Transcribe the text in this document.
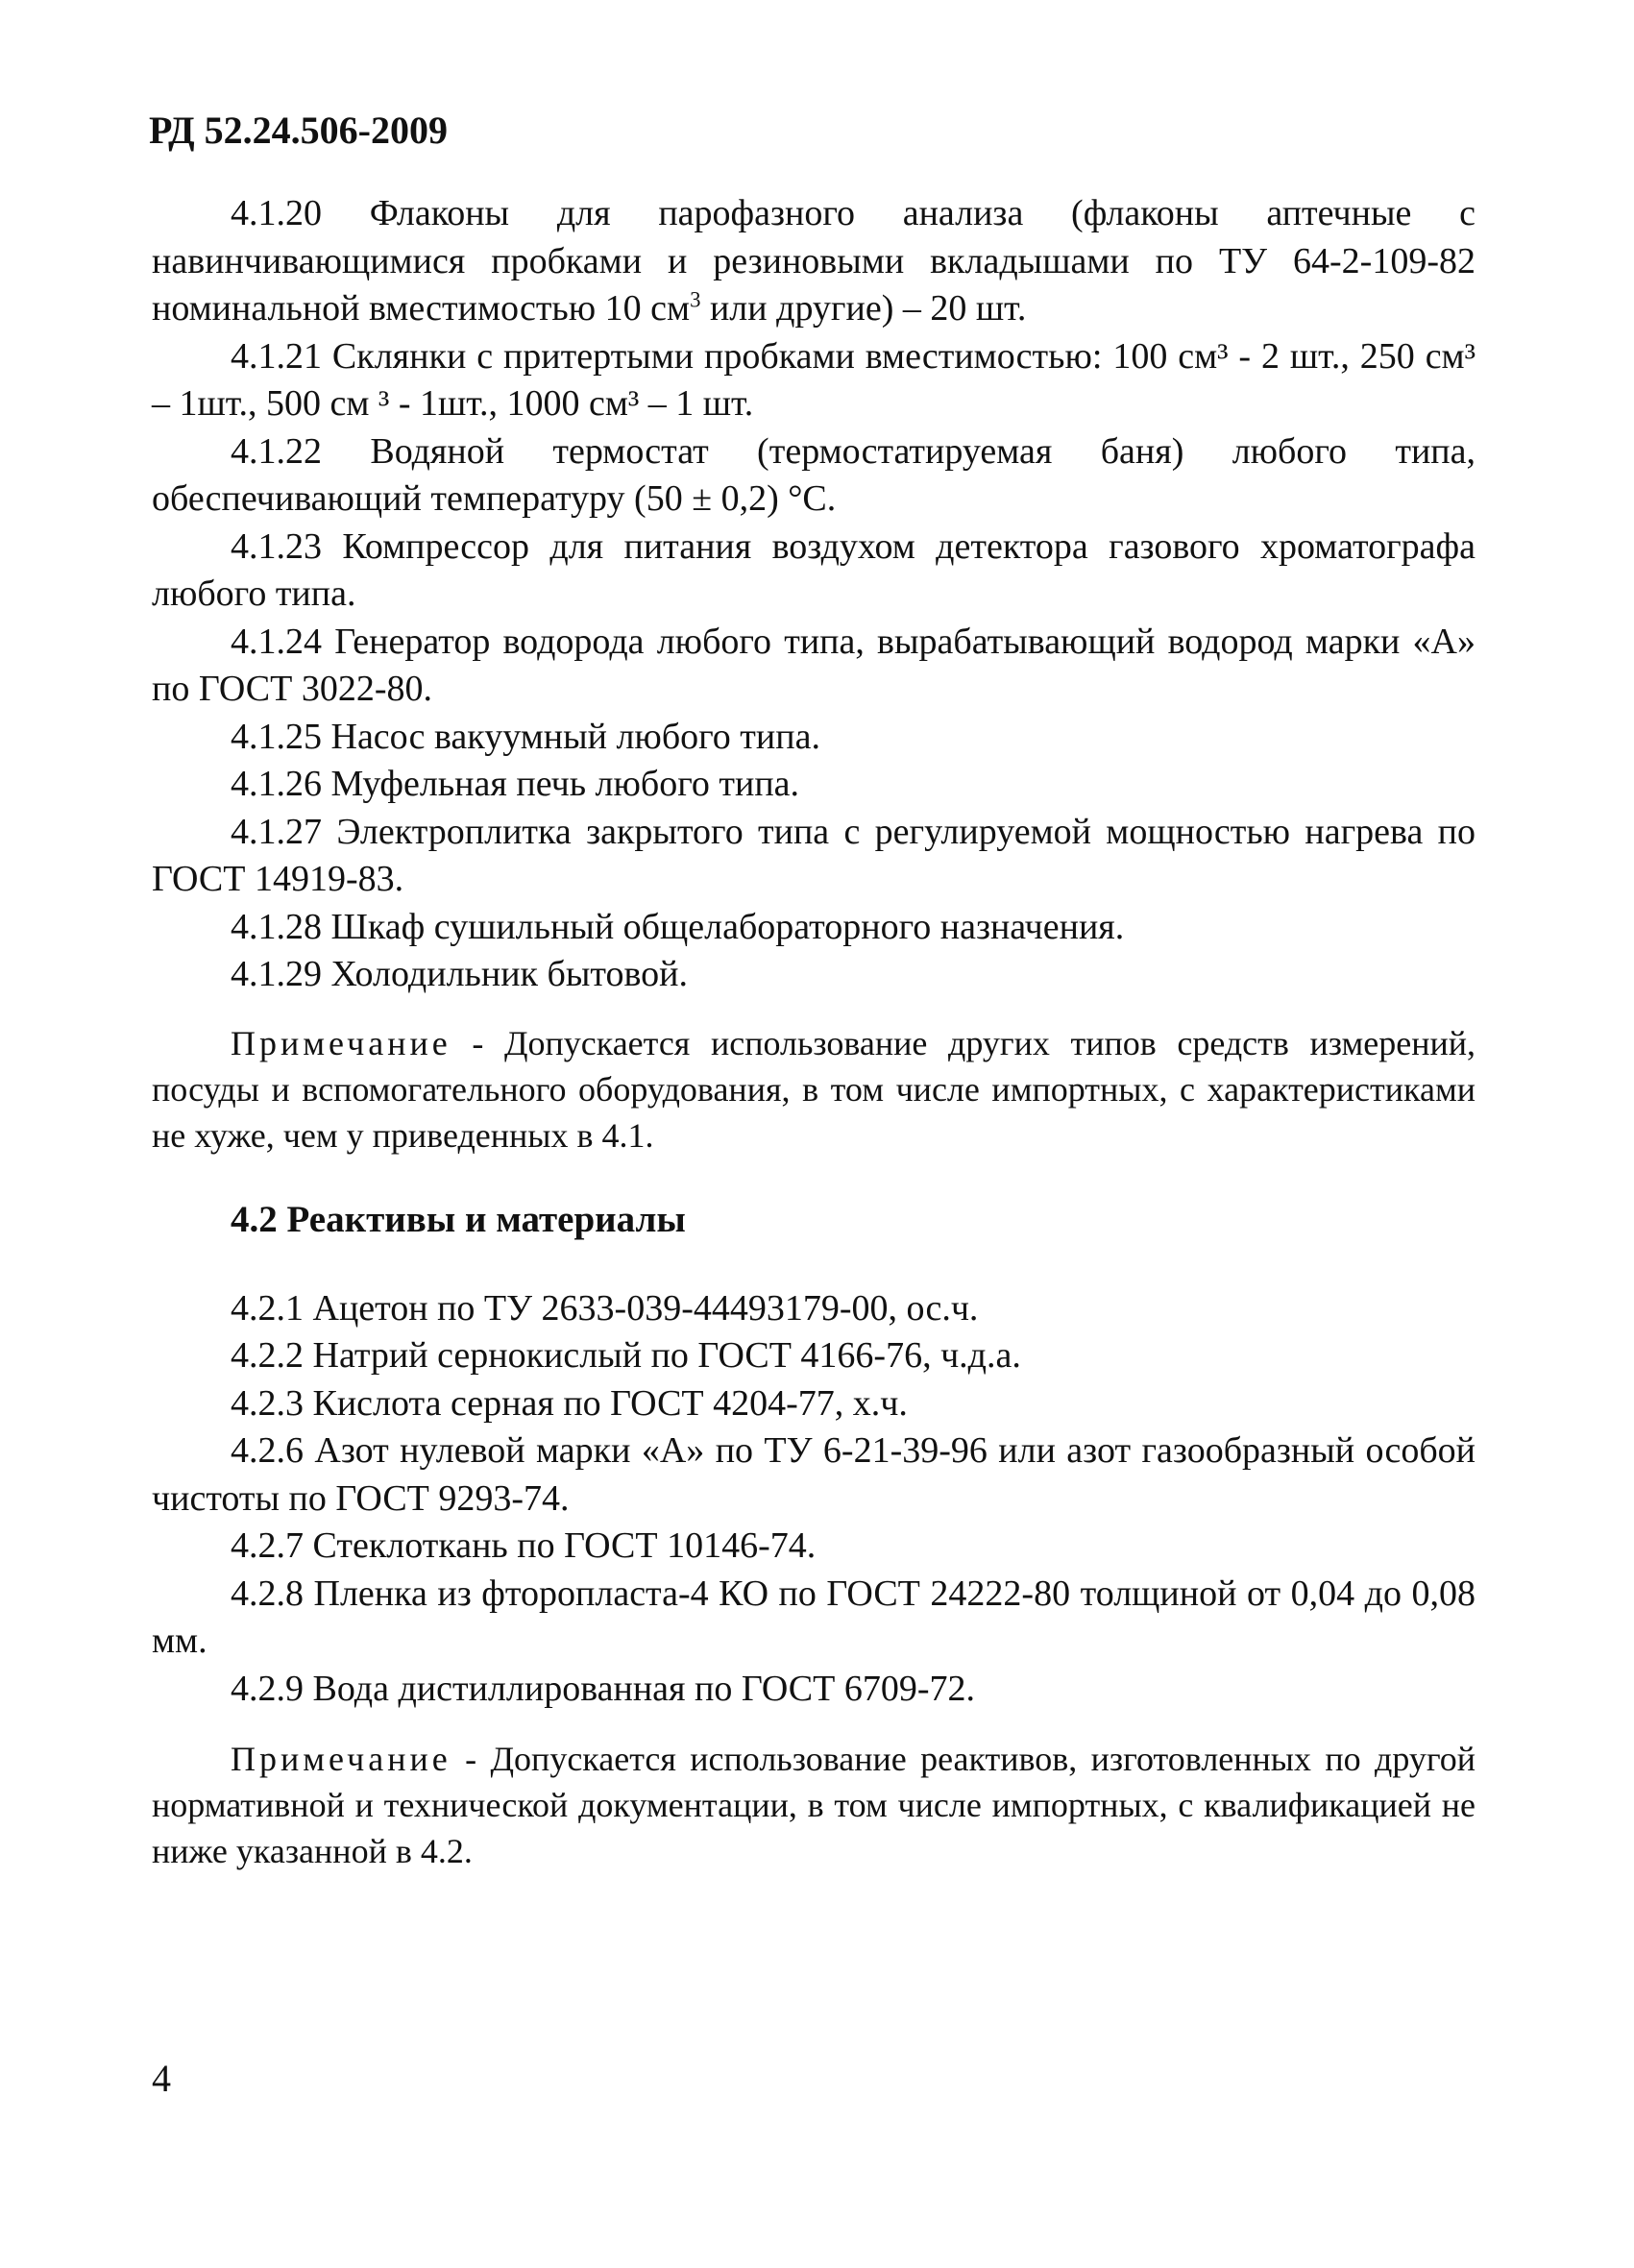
РД 52.24.506-2009

4.1.20 Флаконы для парофазного анализа (флаконы аптечные с навинчивающимися пробками и резиновыми вкладышами по ТУ 64-2-109-82 номинальной вместимостью 10 $см^3$ или другие) – 20 шт.

4.1.21 Склянки с притертыми пробками вместимостью: 100 см³ - 2 шт., 250 см³ – 1шт., 500 см ³ - 1шт., 1000 см³ – 1 шт.

4.1.22 Водяной термостат (термостатируемая баня) любого типа, обеспечивающий температуру (50 ± 0,2) °С.

4.1.23 Компрессор для питания воздухом детектора газового хроматографа любого типа.

4.1.24 Генератор водорода любого типа, вырабатывающий водород марки «А» по ГОСТ 3022-80.

4.1.25 Насос вакуумный любого типа.

4.1.26 Муфельная печь любого типа.

4.1.27 Электроплитка закрытого типа с регулируемой мощностью нагрева по ГОСТ 14919-83.

4.1.28 Шкаф сушильный общелабораторного назначения.

4.1.29 Холодильник бытовой.

Примечание - Допускается использование других типов средств измерений, посуды и вспомогательного оборудования, в том числе импортных, с характеристиками не хуже, чем у приведенных в 4.1.

4.2 Реактивы и материалы

4.2.1 Ацетон по ТУ 2633-039-44493179-00, ос.ч.

4.2.2 Натрий сернокислый по ГОСТ 4166-76, ч.д.а.

4.2.3 Кислота серная по ГОСТ 4204-77, х.ч.

4.2.6 Азот нулевой марки «А» по ТУ 6-21-39-96 или азот газообразный особой чистоты по ГОСТ 9293-74.

4.2.7 Стеклоткань по ГОСТ 10146-74.

4.2.8 Пленка из фторопласта-4 КО по ГОСТ 24222-80 толщиной от 0,04 до 0,08 мм.

4.2.9 Вода дистиллированная по ГОСТ 6709-72.

Примечание - Допускается использование реактивов, изготовленных по другой нормативной и технической документации, в том числе импортных, с квалификацией не ниже указанной в 4.2.

4
